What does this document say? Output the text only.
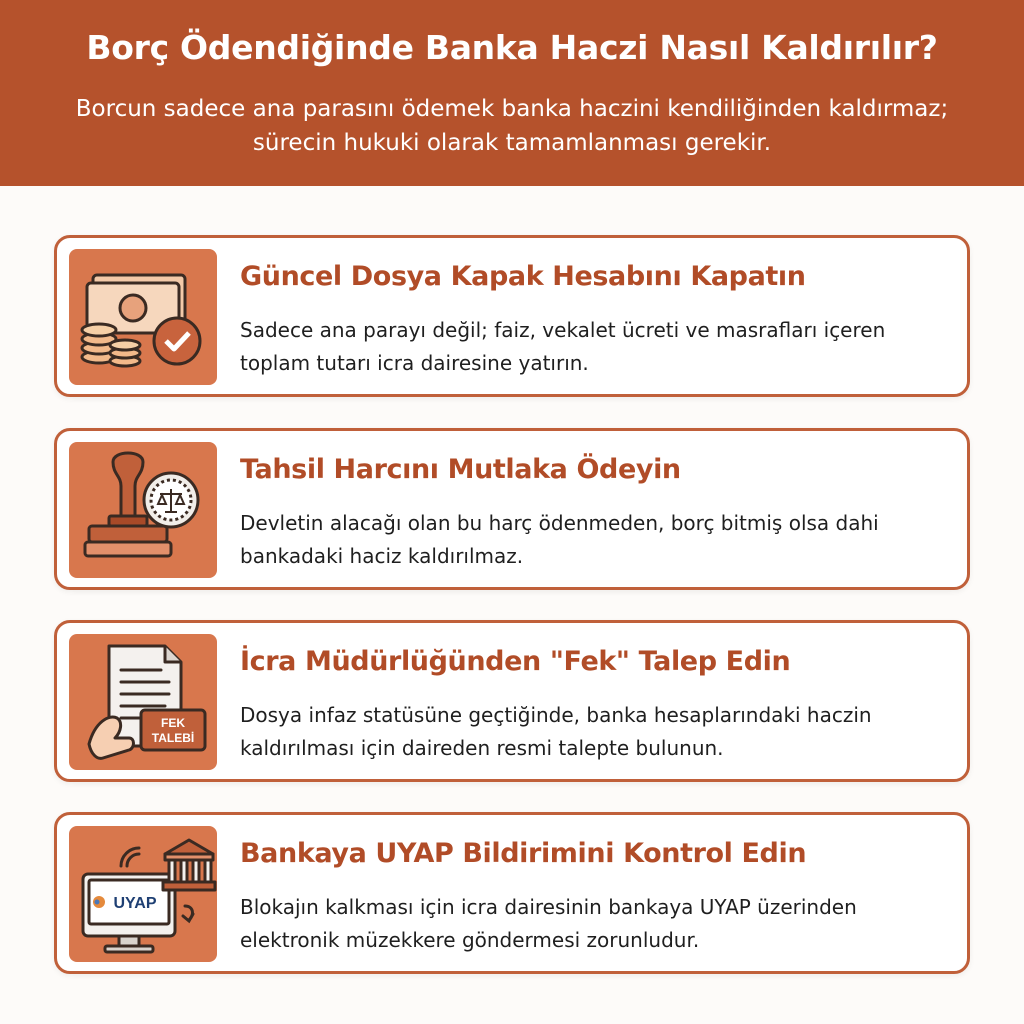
Borç Ödendiğinde Banka Haczi Nasıl Kaldırılır?

Borcun sadece ana parasını ödemek banka haczini kendiliğinden kaldırmaz; sürecin hukuki olarak tamamlanması gerekir.

Güncel Dosya Kapak Hesabını Kapatın

Sadece ana parayı değil; faiz, vekalet ücreti ve masrafları içeren toplam tutarı icra dairesine yatırın.

Tahsil Harcını Mutlaka Ödeyin

Devletin alacağı olan bu harç ödenmeden, borç bitmiş olsa dahi bankadaki haciz kaldırılmaz.

FEK
TALEBİ
İcra Müdürlüğünden "Fek" Talep Edin

Dosya infaz statüsüne geçtiğinde, banka hesaplarındaki haczin kaldırılması için daireden resmi talepte bulunun.

UYAP
Bankaya UYAP Bildirimini Kontrol Edin

Blokajın kalkması için icra dairesinin bankaya UYAP üzerinden elektronik müzekkere göndermesi zorunludur.
